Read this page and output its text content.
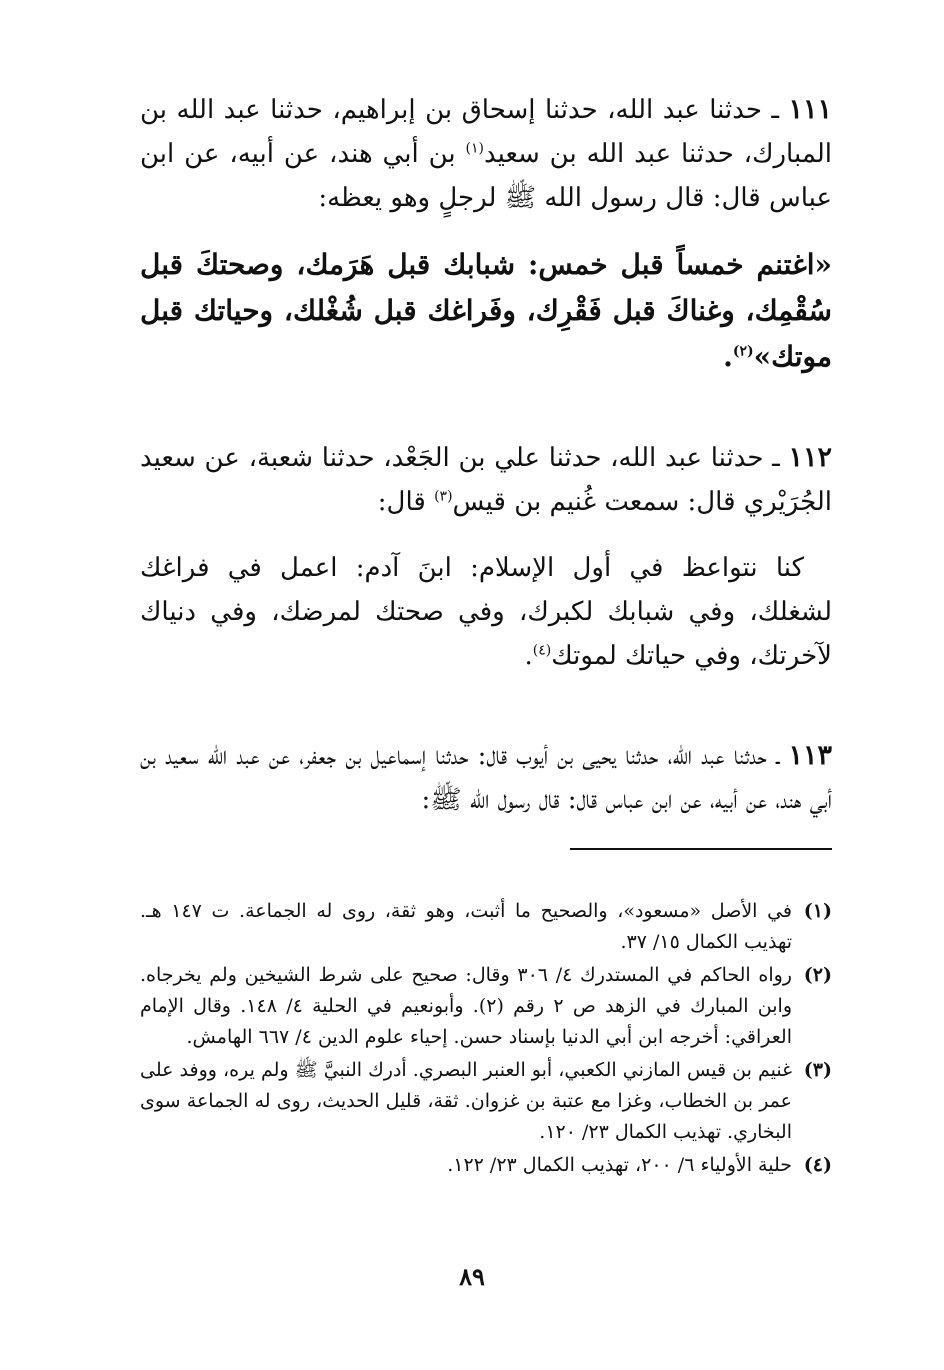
١١١ ـ حدثنا عبد الله، حدثنا إسحاق بن إبراهيم، حدثنا عبد الله بن المبارك، حدثنا عبد الله بن سعيد$^{(١)}$ بن أبي هند، عن أبيه، عن ابن عباس قال: قال رسول الله ﷺ لرجلٍ وهو يعظه:

«اغتنم خمساً قبل خمس: شبابك قبل هَرَمك، وصحتكَ قبل سُقْمِك، وغناكَ قبل فَقْرِك، وفَراغك قبل شُغْلك، وحياتك قبل موتك»$^{(٢)}$.

١١٢ ـ حدثنا عبد الله، حدثنا علي بن الجَعْد، حدثنا شعبة، عن سعيد الجُرَيْري قال: سمعت غُنيم بن قيس$^{(٣)}$ قال:

كنا نتواعظ في أول الإسلام: ابنَ آدم: اعمل في فراغك لشغلك، وفي شبابك لكبرك، وفي صحتك لمرضك، وفي دنياك لآخرتك، وفي حياتك لموتك$^{(٤)}$.

١١٣ ـ حدثنا عبد الله، حدثنا يحيى بن أيوب قال: حدثنا إسماعيل بن جعفر، عن عبد الله سعيد بن أبي هند، عن أبيه، عن ابن عباس قال: قال رسول الله ﷺ:

(١)
في الأصل «مسعود»، والصحيح ما أثبت، وهو ثقة، روى له الجماعة. ت ١٤٧ هـ. تهذيب الكمال ١٥/ ٣٧.
(٢)
رواه الحاكم في المستدرك ٤/ ٣٠٦ وقال: صحيح على شرط الشيخين ولم يخرجاه. وابن المبارك في الزهد ص ٢ رقم (٢). وأبونعيم في الحلية ٤/ ١٤٨. وقال الإمام العراقي: أخرجه ابن أبي الدنيا بإسناد حسن. إحياء علوم الدين ٤/ ٦٦٧ الهامش.
(٣)
غنيم بن قيس المازني الكعبي، أبو العنبر البصري. أدرك النبيَّ ﷺ ولم يره، ووفد على عمر بن الخطاب، وغزا مع عتبة بن غزوان. ثقة، قليل الحديث، روى له الجماعة سوى البخاري. تهذيب الكمال ٢٣/ ١٢٠.
(٤)
حلية الأولياء ٦/ ٢٠٠، تهذيب الكمال ٢٣/ ١٢٢.
٨٩
